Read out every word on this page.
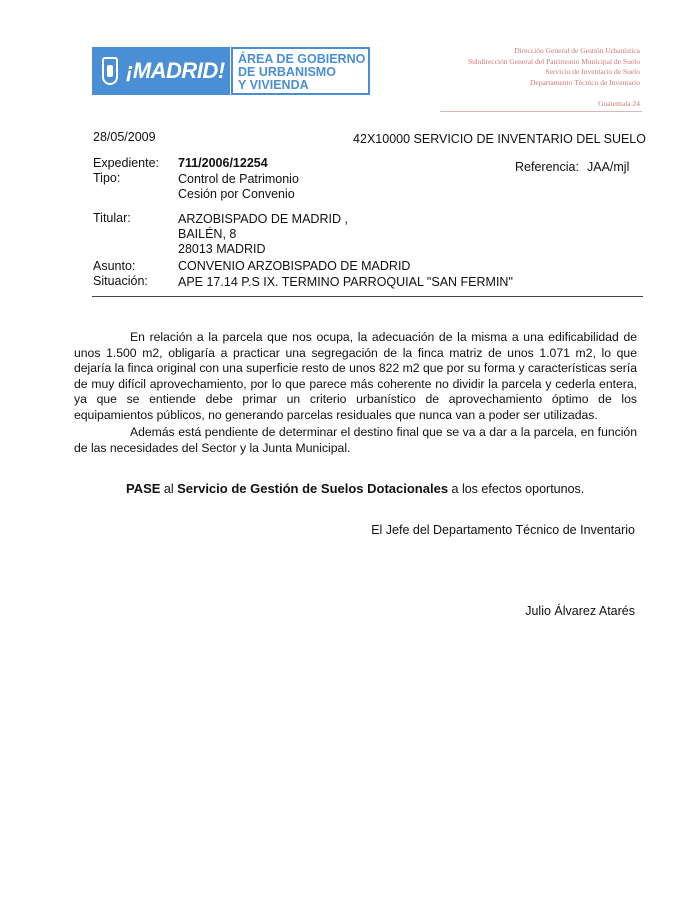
¡MADRID! ÁREA DE GOBIERNO
DE URBANISMO
Y VIVIENDA
Dirección General de Gestión Urbanística
Subdirección General del Patrimonio Municipal de Suelo
Servicio de Inventario de Suelo
Departamento Técnico de Inventario
Guatemala 24
28/05/2009	42X10000 SERVICIO DE INVENTARIO DEL SUELO
Expediente: 711/2006/12254	Referencia: JAA/mjl
Tipo:	Control de Patrimonio
Cesión por Convenio
Titular:	ARZOBISPADO DE MADRID ,
BAILÉN, 8
28013 MADRID
Asunto:	CONVENIO ARZOBISPADO DE MADRID
Situación: APE 17.14 P.S IX. TERMINO PARROQUIAL "SAN FERMIN"

En relación a la parcela que nos ocupa, la adecuación de la misma a una edificabilidad de unos 1.500 m2, obligaría a practicar una segregación de la finca matriz de unos 1.071 m2, lo que dejaría la finca original con una superficie resto de unos 822 m2 que por su forma y características sería de muy difícil aprovechamiento, por lo que parece más coherente no dividir la parcela y cederla entera, ya que se entiende debe primar un criterio urbanístico de aprovechamiento óptimo de los equipamientos públicos, no generando parcelas residuales que nunca van a poder ser utilizadas.

Además está pendiente de determinar el destino final que se va a dar a la parcela, en función de las necesidades del Sector y la Junta Municipal.

PASE al Servicio de Gestión de Suelos Dotacionales a los efectos oportunos.
El Jefe del Departamento Técnico de Inventario
Julio Álvarez Atarés
